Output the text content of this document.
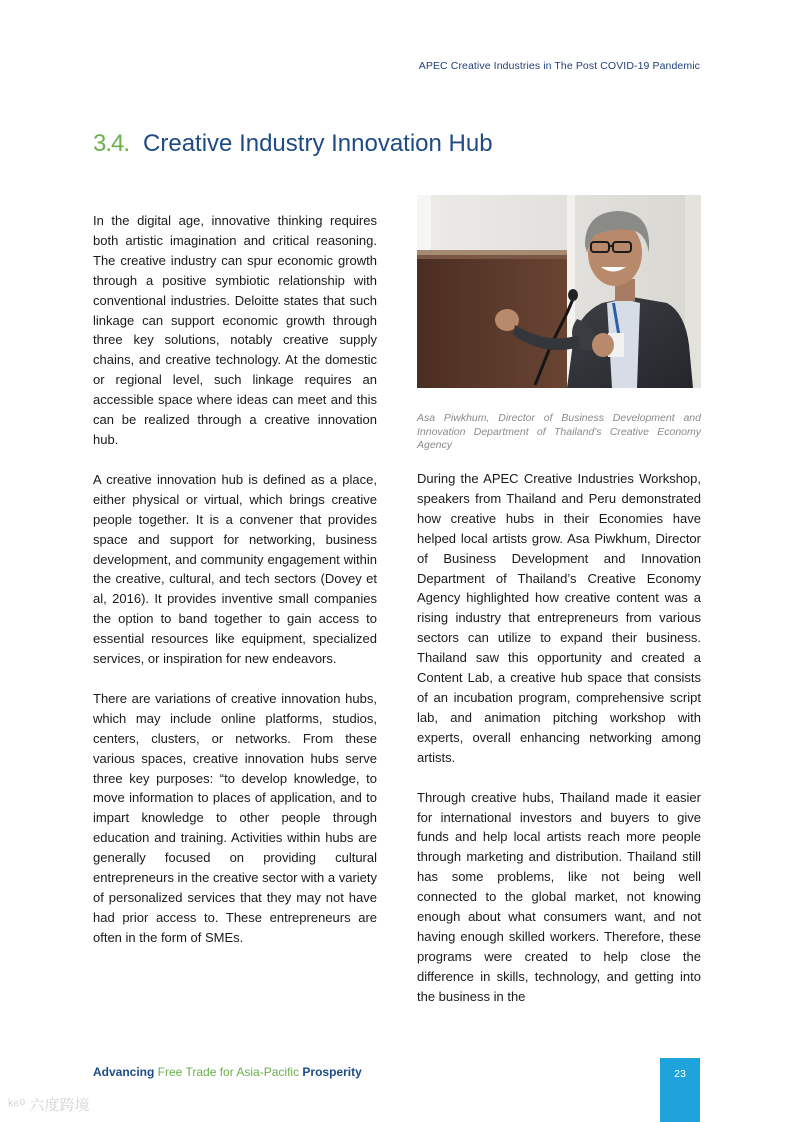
APEC Creative Industries in The Post COVID-19 Pandemic
3.4. Creative Industry Innovation Hub

In the digital age, innovative thinking requires both artistic imagination and critical reasoning. The creative industry can spur economic growth through a positive symbiotic relationship with conventional industries. Deloitte states that such linkage can support economic growth through three key solutions, notably creative supply chains, and creative technology. At the domestic or regional level, such linkage requires an accessible space where ideas can meet and this can be realized through a creative innovation hub.

A creative innovation hub is defined as a place, either physical or virtual, which brings creative people together. It is a convener that provides space and support for networking, business development, and community engagement within the creative, cultural, and tech sectors (Dovey et al, 2016). It provides inventive small companies the option to band together to gain access to essential resources like equipment, specialized services, or inspiration for new endeavors.

There are variations of creative innovation hubs, which may include online platforms, studios, centers, clusters, or networks. From these various spaces, creative innovation hubs serve three key purposes: “to develop knowledge, to move information to places of application, and to impart knowledge to other people through education and training. Activities within hubs are generally focused on providing cultural entrepreneurs in the creative sector with a variety of personalized services that they may not have had prior access to. These entrepreneurs are often in the form of SMEs.

Asa Piwkhum, Director of Business Development and Innovation Department of Thailand's Creative Economy Agency

During the APEC Creative Industries Workshop, speakers from Thailand and Peru demonstrated how creative hubs in their Economies have helped local artists grow. Asa Piwkhum, Director of Business Development and Innovation Department of Thailand’s Creative Economy Agency highlighted how creative content was a rising industry that entrepreneurs from various sectors can utilize to expand their business. Thailand saw this opportunity and created a Content Lab, a creative hub space that consists of an incubation program, comprehensive script lab, and animation pitching workshop with experts, overall enhancing networking among artists.

Through creative hubs, Thailand made it easier for international investors and buyers to give funds and help local artists reach more people through marketing and distribution. Thailand still has some problems, like not being well connected to the global market, not knowing enough about what consumers want, and not having enough skilled workers. Therefore, these programs were created to help close the difference in skills, technology, and getting into the business in the

Advancing Free Trade for Asia-Pacific Prosperity	23
ᵏ⁶⁰ 六度跨境
